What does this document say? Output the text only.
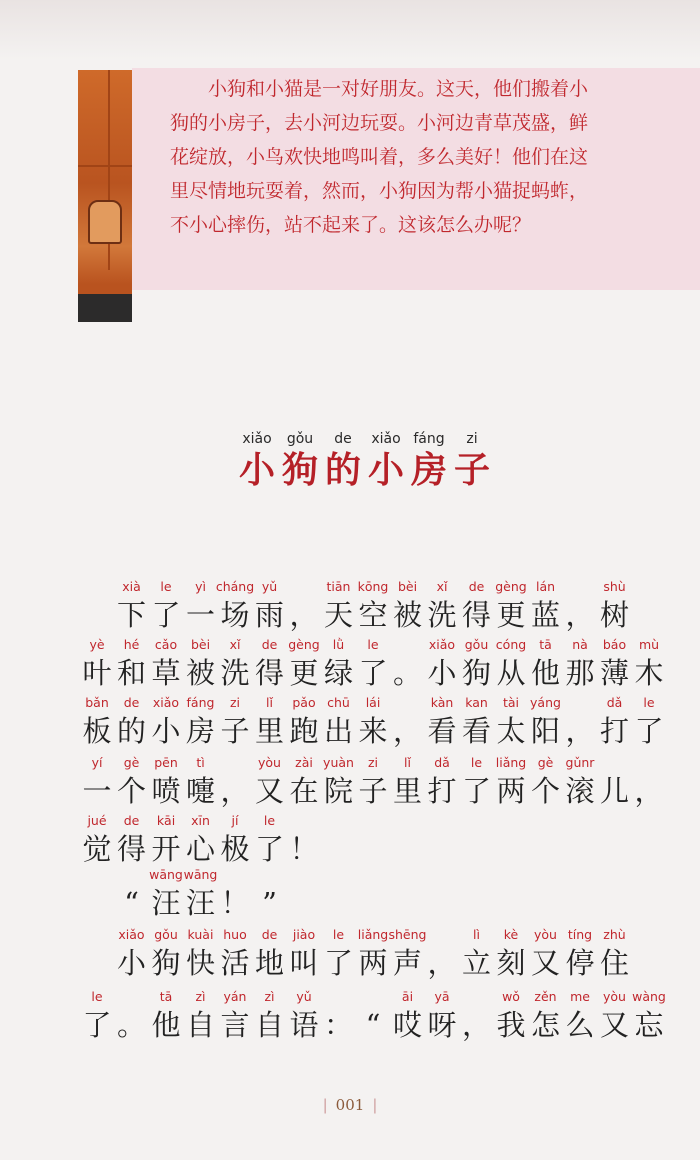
　　小狗和小猫是一对好朋友。这天，他们搬着小
狗的小房子，去小河边玩耍。小河边青草茂盛，鲜
花绽放，小鸟欢快地鸣叫着，多么美好！他们在这
里尽情地玩耍着，然而，小狗因为帮小猫捉蚂蚱，
不小心摔伤，站不起来了。这该怎么办呢？

xiǎo
小
gǒu
狗
de
的
xiǎo
小
fáng
房
zi
子

xià
下
le
了
yì
一
cháng
场
yǔ
雨 ，
tiān
天
kōng
空
bèi
被
xǐ
洗
de
得
gèng
更
lán
蓝 ，
shù
树
yè
叶
hé
和
cǎo
草
bèi
被
xǐ
洗
de
得
gèng
更
lǜ
绿
le
了 。
xiǎo
小
gǒu
狗
cóng
从
tā
他
nà
那
báo
薄
mù
木
bǎn
板
de
的
xiǎo
小
fáng
房
zi
子
lǐ
里
pǎo
跑
chū
出
lái
来 ，
kàn
看
kan
看
tài
太
yáng
阳 ，
dǎ
打
le
了
yí
一
gè
个
pēn
喷
tì
嚏 ，
yòu
又
zài
在
yuàn
院
zi
子
lǐ
里
dǎ
打
le
了
liǎng
两
gè
个
gǔnr
滚 儿 ，
jué
觉
de
得
kāi
开
xīn
心
jí
极
le
了 ！

“
wāng
汪
wāng
汪 ！ ”

xiǎo
小
gǒu
狗
kuài
快
huo
活
de
地
jiào
叫
le
了
liǎng
两
shēng
声 ，
lì
立
kè
刻
yòu
又
tíng
停
zhù
住
le
了 。
tā
他
zì
自
yán
言
zì
自
yǔ
语 ： “
āi
哎
yā
呀 ，
wǒ
我
zěn
怎
me
么
yòu
又
wàng
忘
| 001 |
